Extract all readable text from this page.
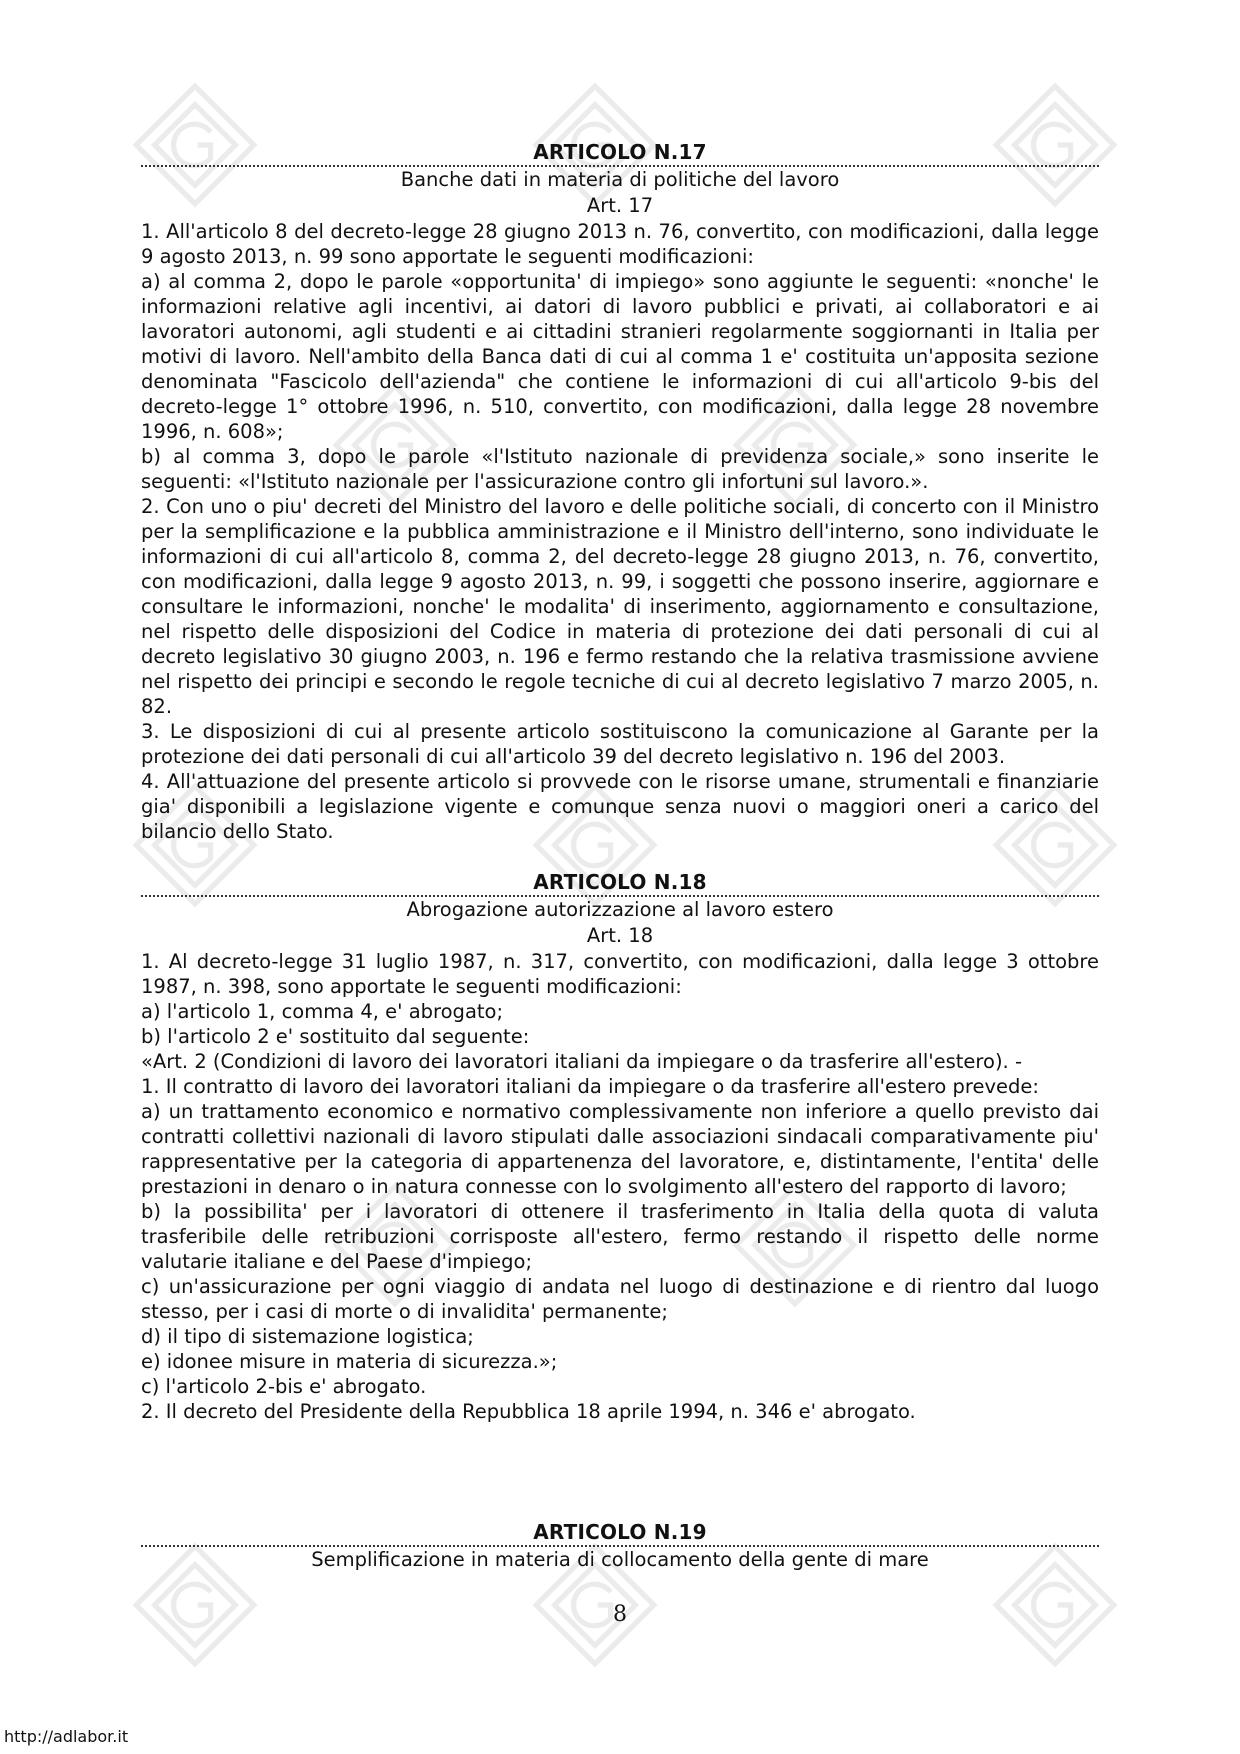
ARTICOLO N.17
Banche dati in materia di politiche del lavoro
Art. 17

1. All'articolo 8 del decreto-legge 28 giugno 2013 n. 76, convertito, con modificazioni, dalla legge 9 agosto 2013, n. 99 sono apportate le seguenti modificazioni:

a) al comma 2, dopo le parole «opportunita' di impiego» sono aggiunte le seguenti: «nonche' le informazioni relative agli incentivi, ai datori di lavoro pubblici e privati, ai collaboratori e ai lavoratori autonomi, agli studenti e ai cittadini stranieri regolarmente soggiornanti in Italia per motivi di lavoro. Nell'ambito della Banca dati di cui al comma 1 e' costituita un'apposita sezione denominata "Fascicolo dell'azienda" che contiene le informazioni di cui all'articolo 9-bis del decreto-legge 1° ottobre 1996, n. 510, convertito, con modificazioni, dalla legge 28 novembre 1996, n. 608»;

b) al comma 3, dopo le parole «l'Istituto nazionale di previdenza sociale,» sono inserite le seguenti: «l'Istituto nazionale per l'assicurazione contro gli infortuni sul lavoro.».

2. Con uno o piu' decreti del Ministro del lavoro e delle politiche sociali, di concerto con il Ministro per la semplificazione e la pubblica amministrazione e il Ministro dell'interno, sono individuate le informazioni di cui all'articolo 8, comma 2, del decreto-legge 28 giugno 2013, n. 76, convertito, con modificazioni, dalla legge 9 agosto 2013, n. 99, i soggetti che possono inserire, aggiornare e consultare le informazioni, nonche' le modalita' di inserimento, aggiornamento e consultazione, nel rispetto delle disposizioni del Codice in materia di protezione dei dati personali di cui al decreto legislativo 30 giugno 2003, n. 196 e fermo restando che la relativa trasmissione avviene nel rispetto dei principi e secondo le regole tecniche di cui al decreto legislativo 7 marzo 2005, n. 82.

3. Le disposizioni di cui al presente articolo sostituiscono la comunicazione al Garante per la protezione dei dati personali di cui all'articolo 39 del decreto legislativo n. 196 del 2003.

4. All'attuazione del presente articolo si provvede con le risorse umane, strumentali e finanziarie gia' disponibili a legislazione vigente e comunque senza nuovi o maggiori oneri a carico del bilancio dello Stato.

ARTICOLO N.18
Abrogazione autorizzazione al lavoro estero
Art. 18

1. Al decreto-legge 31 luglio 1987, n. 317, convertito, con modificazioni, dalla legge 3 ottobre 1987, n. 398, sono apportate le seguenti modificazioni:

a) l'articolo 1, comma 4, e' abrogato;

b) l'articolo 2 e' sostituito dal seguente:

«Art. 2 (Condizioni di lavoro dei lavoratori italiani da impiegare o da trasferire all'estero). -

1. Il contratto di lavoro dei lavoratori italiani da impiegare o da trasferire all'estero prevede:

a) un trattamento economico e normativo complessivamente non inferiore a quello previsto dai contratti collettivi nazionali di lavoro stipulati dalle associazioni sindacali comparativamente piu' rappresentative per la categoria di appartenenza del lavoratore, e, distintamente, l'entita' delle prestazioni in denaro o in natura connesse con lo svolgimento all'estero del rapporto di lavoro;

b) la possibilita' per i lavoratori di ottenere il trasferimento in Italia della quota di valuta trasferibile delle retribuzioni corrisposte all'estero, fermo restando il rispetto delle norme valutarie italiane e del Paese d'impiego;

c) un'assicurazione per ogni viaggio di andata nel luogo di destinazione e di rientro dal luogo stesso, per i casi di morte o di invalidita' permanente;

d) il tipo di sistemazione logistica;

e) idonee misure in materia di sicurezza.»;

c) l'articolo 2-bis e' abrogato.

2. Il decreto del Presidente della Repubblica 18 aprile 1994, n. 346 e' abrogato.

ARTICOLO N.19
Semplificazione in materia di collocamento della gente di mare
8
http://adlabor.it
